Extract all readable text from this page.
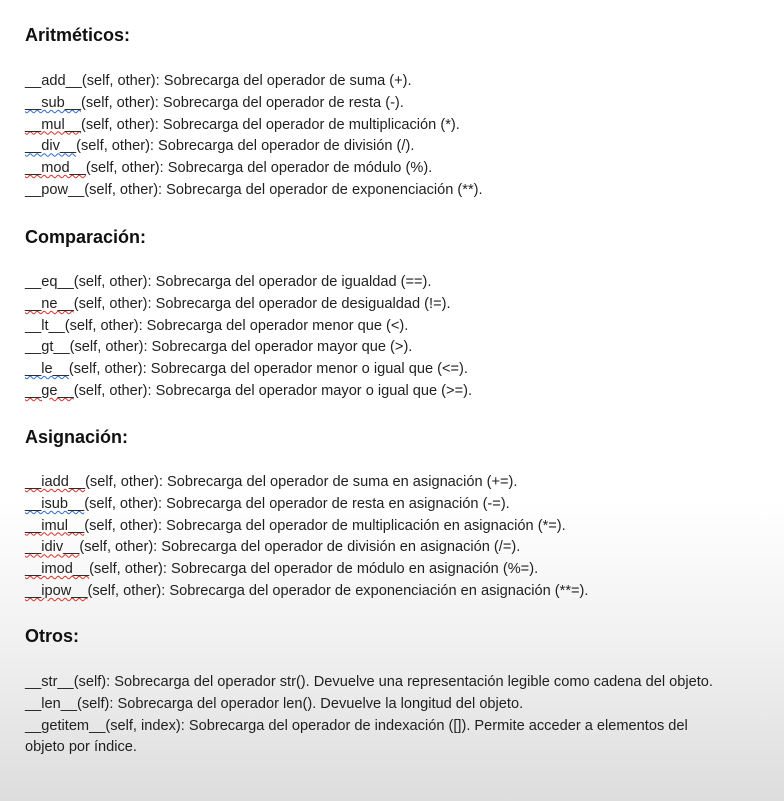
Aritméticos:
__add__(self, other): Sobrecarga del operador de suma (+).
__sub__(self, other): Sobrecarga del operador de resta (-).
__mul__(self, other): Sobrecarga del operador de multiplicación (*).
__div__(self, other): Sobrecarga del operador de división (/).
__mod__(self, other): Sobrecarga del operador de módulo (%).
__pow__(self, other): Sobrecarga del operador de exponenciación (**).
Comparación:
__eq__(self, other): Sobrecarga del operador de igualdad (==).
__ne__(self, other): Sobrecarga del operador de desigualdad (!=).
__lt__(self, other): Sobrecarga del operador menor que (<).
__gt__(self, other): Sobrecarga del operador mayor que (>).
__le__(self, other): Sobrecarga del operador menor o igual que (<=).
__ge__(self, other): Sobrecarga del operador mayor o igual que (>=).
Asignación:
__iadd__(self, other): Sobrecarga del operador de suma en asignación (+=).
__isub__(self, other): Sobrecarga del operador de resta en asignación (-=).
__imul__(self, other): Sobrecarga del operador de multiplicación en asignación (*=).
__idiv__(self, other): Sobrecarga del operador de división en asignación (/=).
__imod__(self, other): Sobrecarga del operador de módulo en asignación (%=).
__ipow__(self, other): Sobrecarga del operador de exponenciación en asignación (**=).
Otros:
__str__(self): Sobrecarga del operador str(). Devuelve una representación legible como cadena del objeto.
__len__(self): Sobrecarga del operador len(). Devuelve la longitud del objeto.
__getitem__(self, index): Sobrecarga del operador de indexación ([]). Permite acceder a elementos del objeto por índice.
